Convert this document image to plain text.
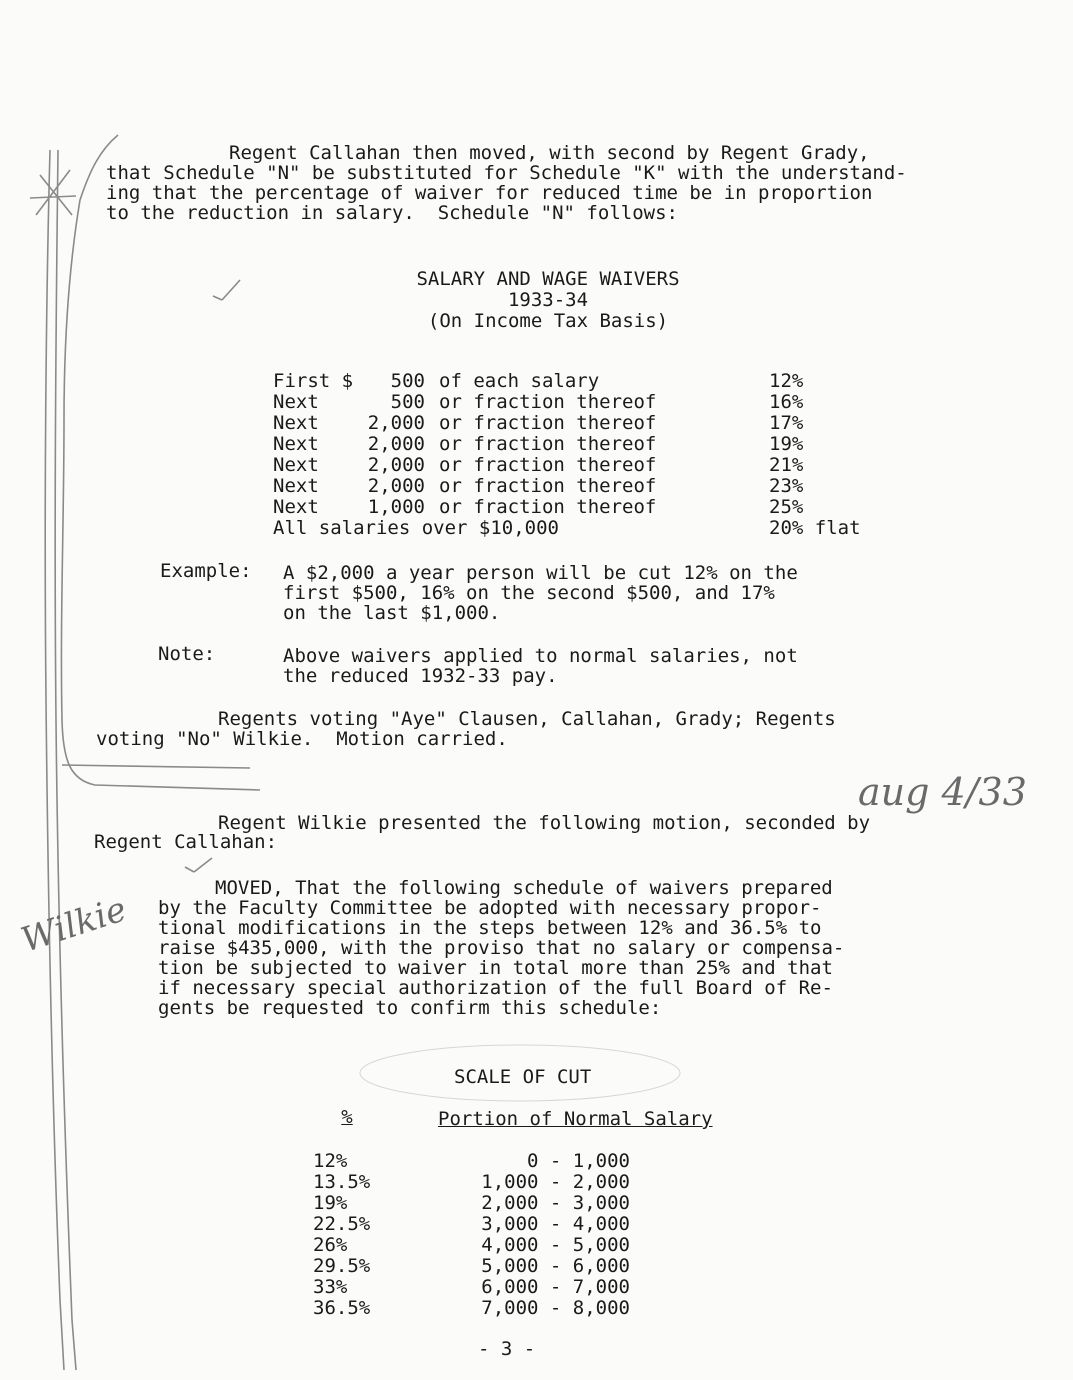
Regent Callahan then moved, with second by Regent Grady,
that Schedule "N" be substituted for Schedule "K" with the understand-
ing that the percentage of waiver for reduced time be in proportion
to the reduction in salary.  Schedule "N" follows:
SALARY AND WAGE WAIVERS
1933-34
(On Income Tax Basis)
First $	500	of each salary	12%
Next	500	or fraction thereof	16%
Next	2,000	or fraction thereof	17%
Next	2,000	or fraction thereof	19%
Next	2,000	or fraction thereof	21%
Next	2,000	or fraction thereof	23%
Next	1,000	or fraction thereof	25%
All salaries over $10,000			20% flat
Example: A $2,000 a year person will be cut 12% on the
first $500, 16% on the second $500, and 17%
on the last $1,000.
Note:	Above waivers applied to normal salaries, not
the reduced 1932-33 pay.
Regents voting "Aye" Clausen, Callahan, Grady; Regents
voting "No" Wilkie.  Motion carried.
aug 4/33
Regent Wilkie presented the following motion, seconded by
Regent Callahan:
Wilkie
MOVED, That the following schedule of waivers prepared
by the Faculty Committee be adopted with necessary propor-
tional modifications in the steps between 12% and 36.5% to
raise $435,000, with the proviso that no salary or compensa-
tion be subjected to waiver in total more than 25% and that
if necessary special authorization of the full Board of Re-
gents be requested to confirm this schedule:
SCALE OF CUT
%	Portion of Normal Salary
12%	0 - 1,000
13.5%	1,000 - 2,000
19%	2,000 - 3,000
22.5%	3,000 - 4,000
26%	4,000 - 5,000
29.5%	5,000 - 6,000
33%	6,000 - 7,000
36.5%	7,000 - 8,000
- 3 -
